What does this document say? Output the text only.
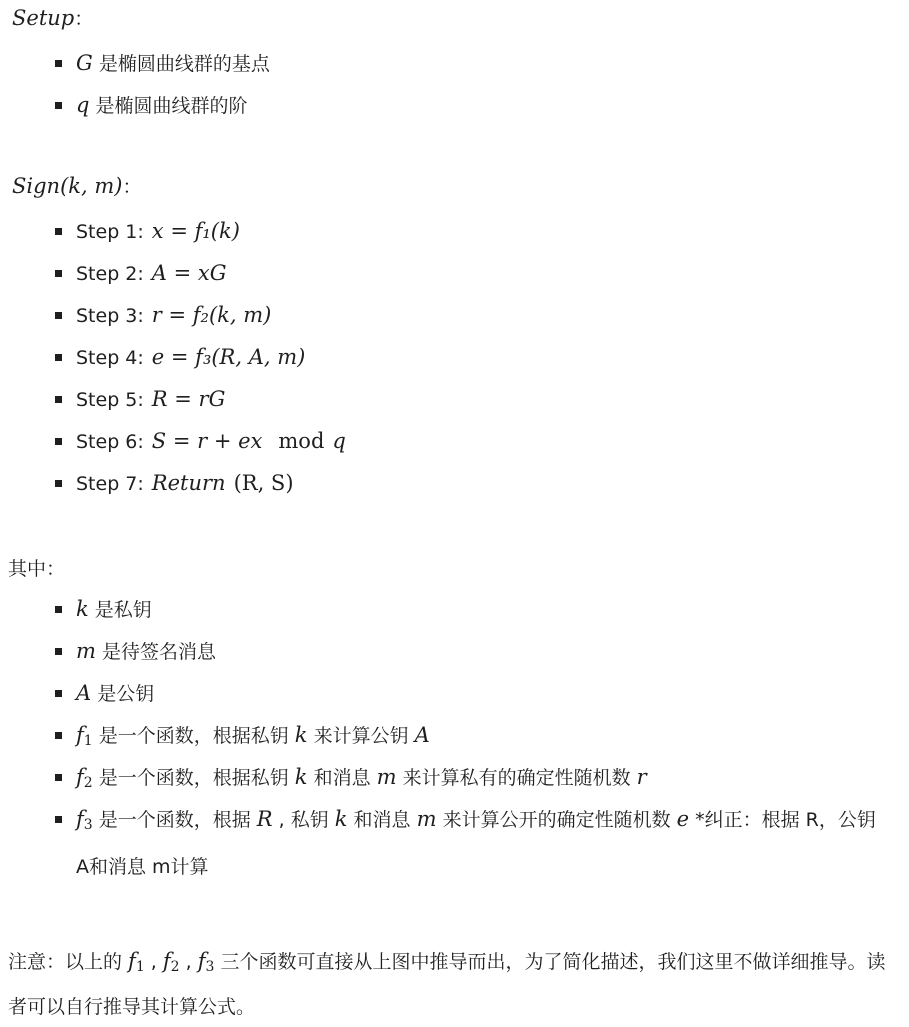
Setup：
G 是椭圆曲线群的基点
q 是椭圆曲线群的阶
Sign(k, m)：
Step 1: x = f₁(k)
Step 2: A = xG
Step 3: r = f₂(k, m)
Step 4: e = f₃(R, A, m)
Step 5: R = rG
Step 6: S = r + ex mod q
Step 7: Return (R, S)
其中：
k 是私钥
m 是待签名消息
A 是公钥
$f_1$ 是一个函数，根据私钥 k 来计算公钥 A
$f_2$ 是一个函数，根据私钥 k 和消息 m 来计算私有的确定性随机数 r
$f_3$ 是一个函数，根据 R , 私钥 k 和消息 m 来计算公开的确定性随机数 e *纠正：根据 R，公钥 A和消息 m计算
注意：以上的 $f_1$ , $f_2$ , $f_3$ 三个函数可直接从上图中推导而出，为了简化描述，我们这里不做详细推导。读者可以自行推导其计算公式。
